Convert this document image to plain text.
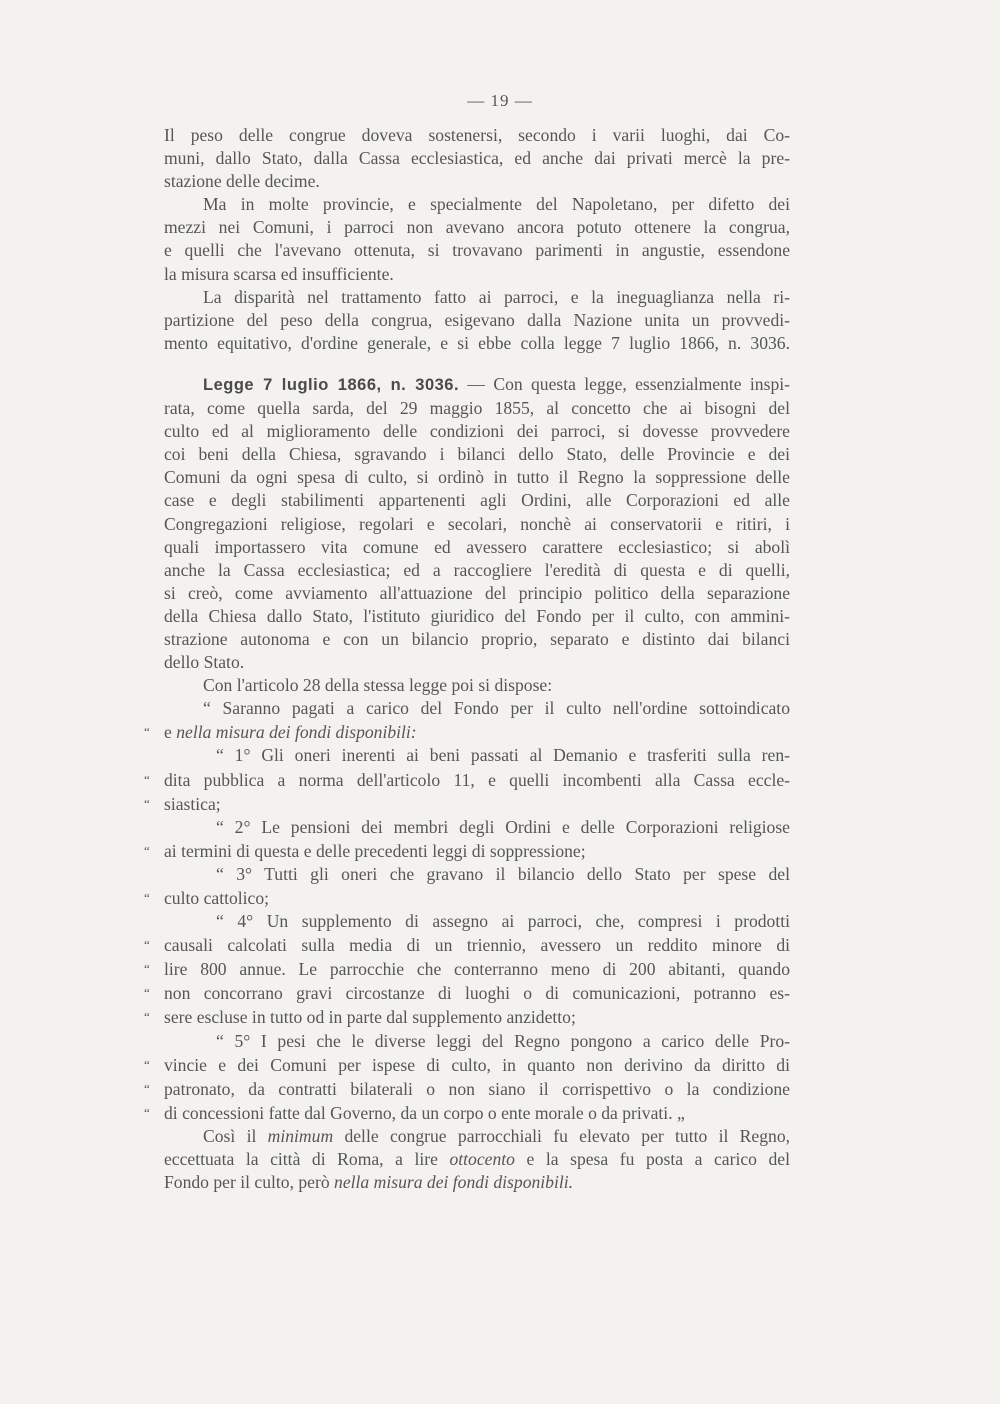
— 19 —
Il peso delle congrue doveva sostenersi, secondo i varii luoghi, dai Co-
muni, dallo Stato, dalla Cassa ecclesiastica, ed anche dai privati mercè la pre-
stazione delle decime.
Ma in molte provincie, e specialmente del Napoletano, per difetto dei
mezzi nei Comuni, i parroci non avevano ancora potuto ottenere la congrua,
e quelli che l'avevano ottenuta, si trovavano parimenti in angustie, essendone
la misura scarsa ed insufficiente.
La disparità nel trattamento fatto ai parroci, e la ineguaglianza nella ri-
partizione del peso della congrua, esigevano dalla Nazione unita un provvedi-
mento equitativo, d'ordine generale, e si ebbe colla legge 7 luglio 1866, n. 3036.
Legge 7 luglio 1866, n. 3036. — Con questa legge, essenzialmente inspi-
rata, come quella sarda, del 29 maggio 1855, al concetto che ai bisogni del
culto ed al miglioramento delle condizioni dei parroci, si dovesse provvedere
coi beni della Chiesa, sgravando i bilanci dello Stato, delle Provincie e dei
Comuni da ogni spesa di culto, si ordinò in tutto il Regno la soppressione delle
case e degli stabilimenti appartenenti agli Ordini, alle Corporazioni ed alle
Congregazioni religiose, regolari e secolari, nonchè ai conservatorii e ritiri, i
quali importassero vita comune ed avessero carattere ecclesiastico; si abolì
anche la Cassa ecclesiastica; ed a raccogliere l'eredità di questa e di quelli,
si creò, come avviamento all'attuazione del principio politico della separazione
della Chiesa dallo Stato, l'istituto giuridico del Fondo per il culto, con ammini-
strazione autonoma e con un bilancio proprio, separato e distinto dai bilanci
dello Stato.
Con l'articolo 28 della stessa legge poi si dispose:
“ Saranno pagati a carico del Fondo per il culto nell'ordine sottoindicato
“ e nella misura dei fondi disponibili:
“ 1° Gli oneri inerenti ai beni passati al Demanio e trasferiti sulla ren-
“ dita pubblica a norma dell'articolo 11, e quelli incombenti alla Cassa eccle-
“ siastica;
“ 2° Le pensioni dei membri degli Ordini e delle Corporazioni religiose
“ ai termini di questa e delle precedenti leggi di soppressione;
“ 3° Tutti gli oneri che gravano il bilancio dello Stato per spese del
“ culto cattolico;
“ 4° Un supplemento di assegno ai parroci, che, compresi i prodotti
“ causali calcolati sulla media di un triennio, avessero un reddito minore di
“ lire 800 annue. Le parrocchie che conterranno meno di 200 abitanti, quando
“ non concorrano gravi circostanze di luoghi o di comunicazioni, potranno es-
“ sere escluse in tutto od in parte dal supplemento anzidetto;
“ 5° I pesi che le diverse leggi del Regno pongono a carico delle Pro-
“ vincie e dei Comuni per ispese di culto, in quanto non derivino da diritto di
“ patronato, da contratti bilaterali o non siano il corrispettivo o la condizione
“ di concessioni fatte dal Governo, da un corpo o ente morale o da privati. „
Così il minimum delle congrue parrocchiali fu elevato per tutto il Regno,
eccettuata la città di Roma, a lire ottocento e la spesa fu posta a carico del
Fondo per il culto, però nella misura dei fondi disponibili.
